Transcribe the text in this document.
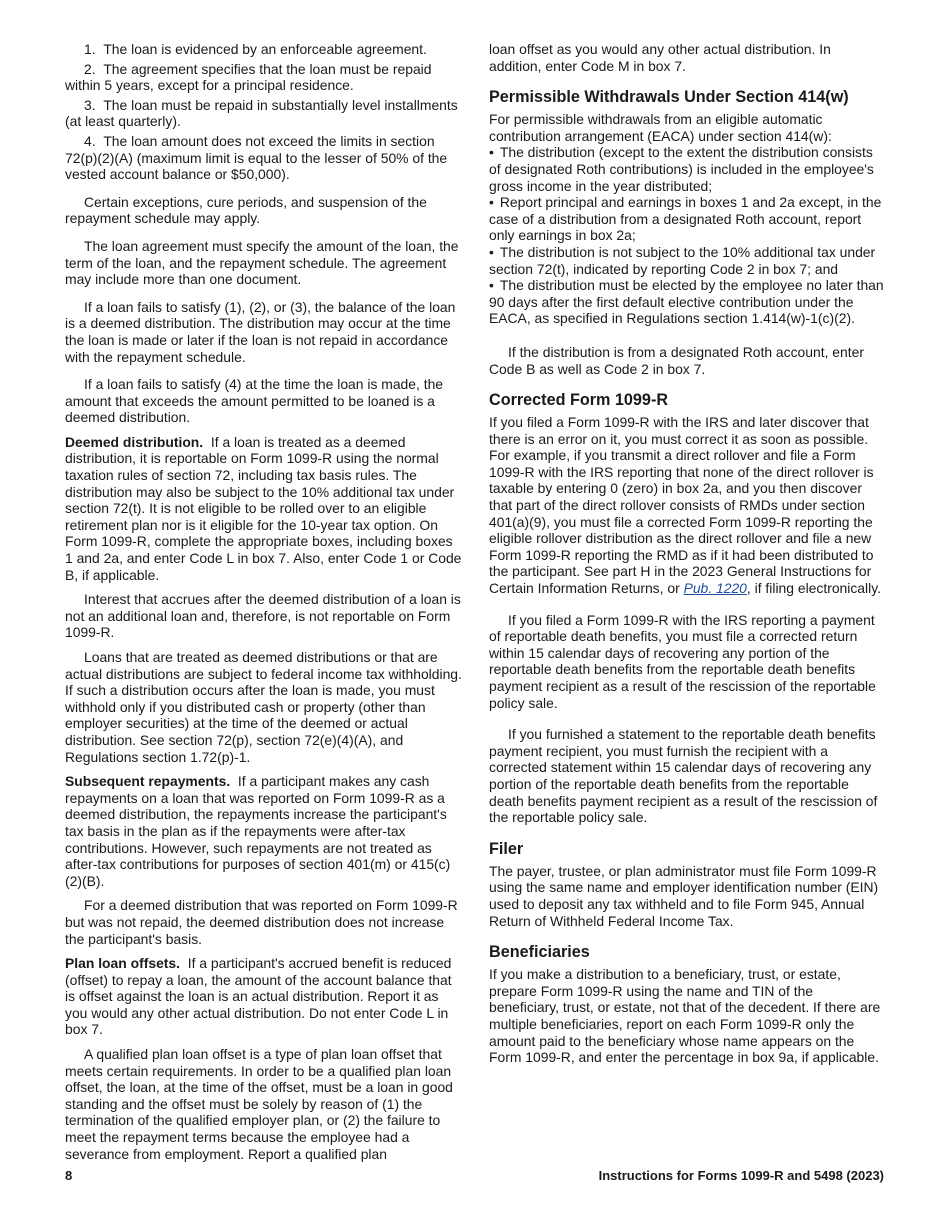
1. The loan is evidenced by an enforceable agreement.

2. The agreement specifies that the loan must be repaid within 5 years, except for a principal residence.

3. The loan must be repaid in substantially level installments (at least quarterly).

4. The loan amount does not exceed the limits in section 72(p)(2)(A) (maximum limit is equal to the lesser of 50% of the vested account balance or $50,000).

Certain exceptions, cure periods, and suspension of the repayment schedule may apply.

The loan agreement must specify the amount of the loan, the term of the loan, and the repayment schedule. The agreement may include more than one document.

If a loan fails to satisfy (1), (2), or (3), the balance of the loan is a deemed distribution. The distribution may occur at the time the loan is made or later if the loan is not repaid in accordance with the repayment schedule.

If a loan fails to satisfy (4) at the time the loan is made, the amount that exceeds the amount permitted to be loaned is a deemed distribution.

Deemed distribution. If a loan is treated as a deemed distribution, it is reportable on Form 1099-R using the normal taxation rules of section 72, including tax basis rules. The distribution may also be subject to the 10% additional tax under section 72(t). It is not eligible to be rolled over to an eligible retirement plan nor is it eligible for the 10-year tax option. On Form 1099-R, complete the appropriate boxes, including boxes 1 and 2a, and enter Code L in box 7. Also, enter Code 1 or Code B, if applicable.

Interest that accrues after the deemed distribution of a loan is not an additional loan and, therefore, is not reportable on Form 1099-R.

Loans that are treated as deemed distributions or that are actual distributions are subject to federal income tax withholding. If such a distribution occurs after the loan is made, you must withhold only if you distributed cash or property (other than employer securities) at the time of the deemed or actual distribution. See section 72(p), section 72(e)(4)(A), and Regulations section 1.72(p)-1.

Subsequent repayments. If a participant makes any cash repayments on a loan that was reported on Form 1099-R as a deemed distribution, the repayments increase the participant's tax basis in the plan as if the repayments were after-tax contributions. However, such repayments are not treated as after-tax contributions for purposes of section 401(m) or 415(c)(2)(B).

For a deemed distribution that was reported on Form 1099-R but was not repaid, the deemed distribution does not increase the participant's basis.

Plan loan offsets. If a participant's accrued benefit is reduced (offset) to repay a loan, the amount of the account balance that is offset against the loan is an actual distribution. Report it as you would any other actual distribution. Do not enter Code L in box 7.

A qualified plan loan offset is a type of plan loan offset that meets certain requirements. In order to be a qualified plan loan offset, the loan, at the time of the offset, must be a loan in good standing and the offset must be solely by reason of (1) the termination of the qualified employer plan, or (2) the failure to meet the repayment terms because the employee had a severance from employment. Report a qualified plan

loan offset as you would any other actual distribution. In addition, enter Code M in box 7.

Permissible Withdrawals Under Section 414(w)

For permissible withdrawals from an eligible automatic contribution arrangement (EACA) under section 414(w):

• The distribution (except to the extent the distribution consists of designated Roth contributions) is included in the employee's gross income in the year distributed;

• Report principal and earnings in boxes 1 and 2a except, in the case of a distribution from a designated Roth account, report only earnings in box 2a;

• The distribution is not subject to the 10% additional tax under section 72(t), indicated by reporting Code 2 in box 7; and

• The distribution must be elected by the employee no later than 90 days after the first default elective contribution under the EACA, as specified in Regulations section 1.414(w)-1(c)(2).

If the distribution is from a designated Roth account, enter Code B as well as Code 2 in box 7.

Corrected Form 1099-R

If you filed a Form 1099-R with the IRS and later discover that there is an error on it, you must correct it as soon as possible. For example, if you transmit a direct rollover and file a Form 1099-R with the IRS reporting that none of the direct rollover is taxable by entering 0 (zero) in box 2a, and you then discover that part of the direct rollover consists of RMDs under section 401(a)(9), you must file a corrected Form 1099-R reporting the eligible rollover distribution as the direct rollover and file a new Form 1099-R reporting the RMD as if it had been distributed to the participant. See part H in the 2023 General Instructions for Certain Information Returns, or Pub. 1220, if filing electronically.

If you filed a Form 1099-R with the IRS reporting a payment of reportable death benefits, you must file a corrected return within 15 calendar days of recovering any portion of the reportable death benefits from the reportable death benefits payment recipient as a result of the rescission of the reportable policy sale.

If you furnished a statement to the reportable death benefits payment recipient, you must furnish the recipient with a corrected statement within 15 calendar days of recovering any portion of the reportable death benefits from the reportable death benefits payment recipient as a result of the rescission of the reportable policy sale.

Filer

The payer, trustee, or plan administrator must file Form 1099-R using the same name and employer identification number (EIN) used to deposit any tax withheld and to file Form 945, Annual Return of Withheld Federal Income Tax.

Beneficiaries

If you make a distribution to a beneficiary, trust, or estate, prepare Form 1099-R using the name and TIN of the beneficiary, trust, or estate, not that of the decedent. If there are multiple beneficiaries, report on each Form 1099-R only the amount paid to the beneficiary whose name appears on the Form 1099-R, and enter the percentage in box 9a, if applicable.

8	Instructions for Forms 1099-R and 5498 (2023)
